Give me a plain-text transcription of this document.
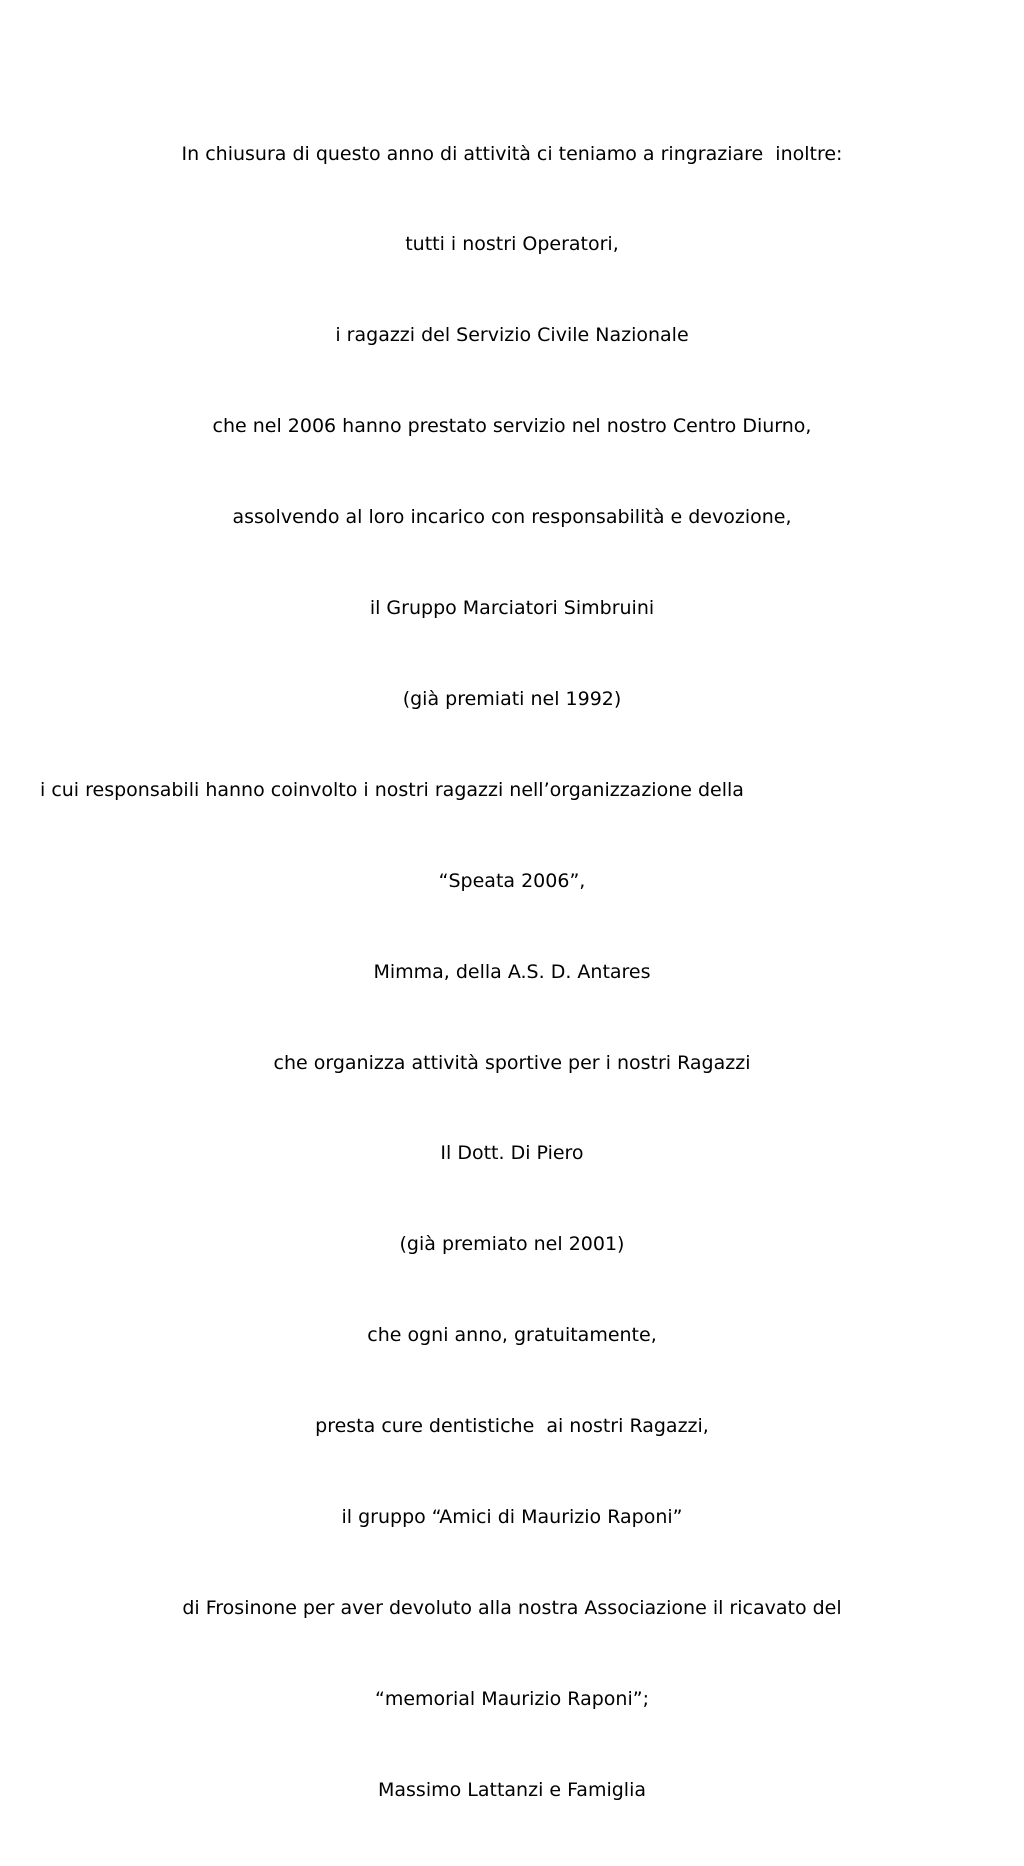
In chiusura di questo anno di attività ci teniamo a ringraziare  inoltre:

tutti i nostri Operatori,

i ragazzi del Servizio Civile Nazionale

che nel 2006 hanno prestato servizio nel nostro Centro Diurno,

assolvendo al loro incarico con responsabilità e devozione,

il Gruppo Marciatori Simbruini

(già premiati nel 1992)

i cui responsabili hanno coinvolto i nostri ragazzi nell’organizzazione della

“Speata 2006”,

Mimma, della A.S. D. Antares

che organizza attività sportive per i nostri Ragazzi

Il Dott. Di Piero

(già premiato nel 2001)

che ogni anno, gratuitamente,

presta cure dentistiche  ai nostri Ragazzi,

il gruppo “Amici di Maurizio Raponi”

di Frosinone per aver devoluto alla nostra Associazione il ricavato del

“memorial Maurizio Raponi”;

Massimo Lattanzi e Famiglia
